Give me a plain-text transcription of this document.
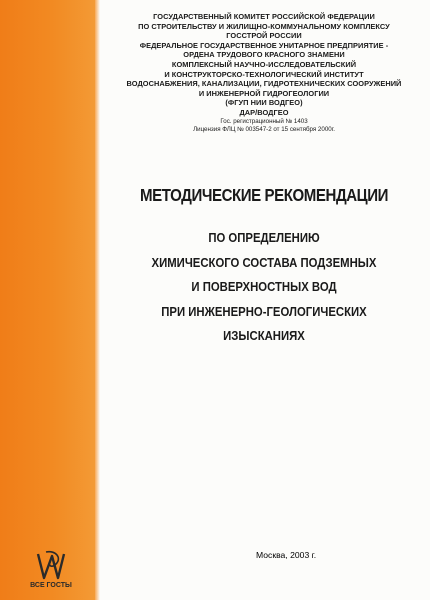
ГОСУДАРСТВЕННЫЙ КОМИТЕТ РОССИЙСКОЙ ФЕДЕРАЦИИ
ПО СТРОИТЕЛЬСТВУ И ЖИЛИЩНО-КОММУНАЛЬНОМУ КОМПЛЕКСУ
ГОССТРОЙ РОССИИ
ФЕДЕРАЛЬНОЕ ГОСУДАРСТВЕННОЕ УНИТАРНОЕ ПРЕДПРИЯТИЕ -
ОРДЕНА ТРУДОВОГО КРАСНОГО ЗНАМЕНИ
КОМПЛЕКСНЫЙ НАУЧНО-ИССЛЕДОВАТЕЛЬСКИЙ
И КОНСТРУКТОРСКО-ТЕХНОЛОГИЧЕСКИЙ ИНСТИТУТ
ВОДОСНАБЖЕНИЯ, КАНАЛИЗАЦИИ, ГИДРОТЕХНИЧЕСКИХ СООРУЖЕНИЙ
И ИНЖЕНЕРНОЙ ГИДРОГЕОЛОГИИ
(ФГУП НИИ ВОДГЕО)
ДАР/ВОДГЕО
Гос. регистрационный № 1403
Лицензия ФЛЦ № 003547-2 от 15 сентября 2000г.
МЕТОДИЧЕСКИЕ РЕКОМЕНДАЦИИ
ПО ОПРЕДЕЛЕНИЮ
ХИМИЧЕСКОГО СОСТАВА ПОДЗЕМНЫХ
И ПОВЕРХНОСТНЫХ ВОД
ПРИ ИНЖЕНЕРНО-ГЕОЛОГИЧЕСКИХ
ИЗЫСКАНИЯХ
ВСЕ ГОСТЫ
Москва, 2003 г.
